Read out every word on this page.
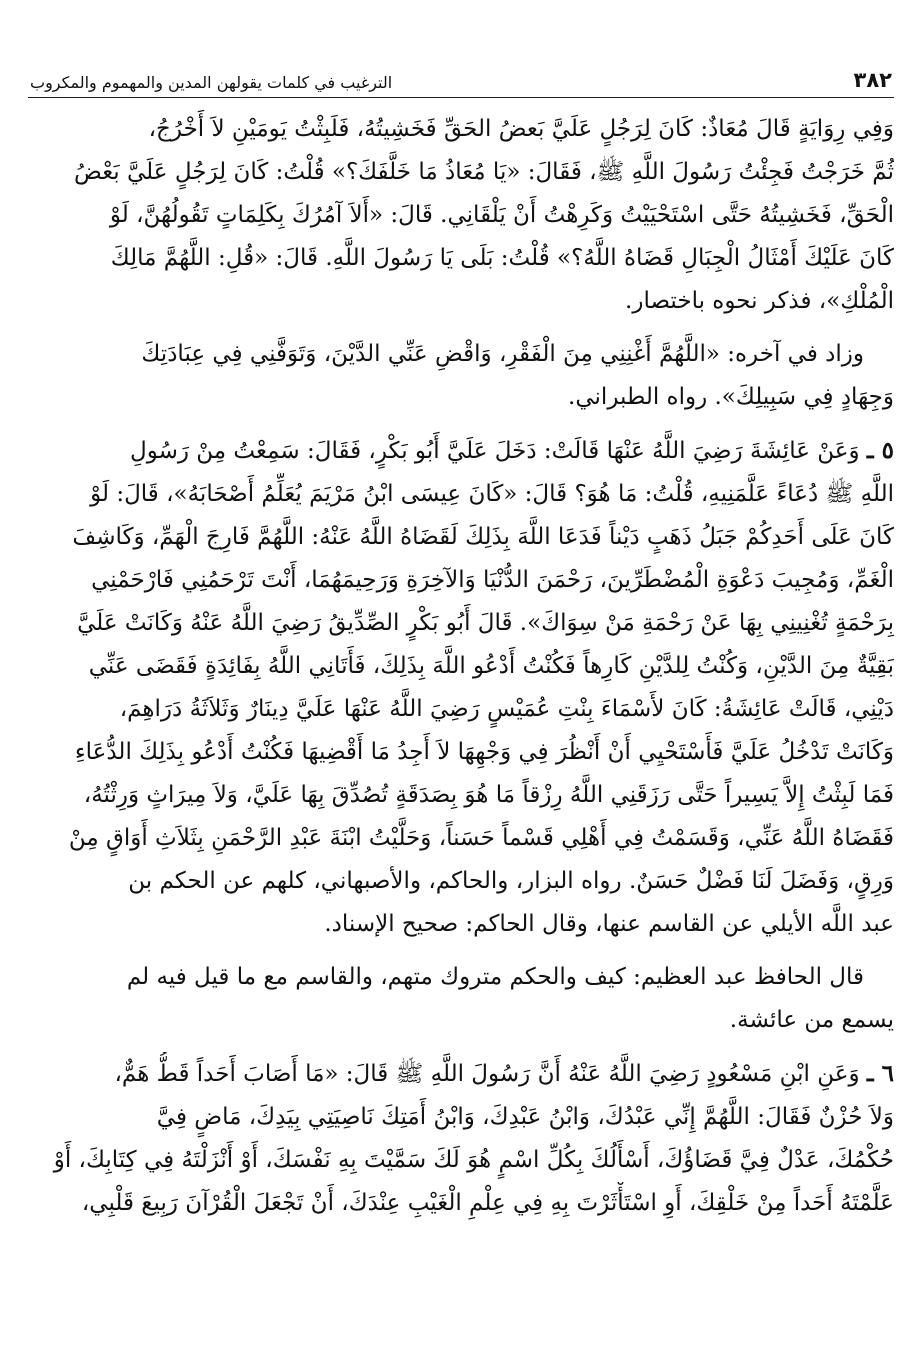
٣٨٢
الترغيب في كلمات يقولهن المدين والمهموم والمكروب

وَفِي رِوَايَةٍ قَالَ مُعَاذٌ: كَانَ لِرَجُلٍ عَلَيَّ بَعضُ الحَقِّ فَخَشِيتُهُ، فَلَبِثْتُ يَومَيْنِ لاَ أَخْرُجُ،
ثُمَّ خَرَجْتُ فَجِئْتُ رَسُولَ اللَّهِ ﷺ، فَقَالَ: «يَا مُعَاذُ مَا خَلَّفَكَ؟» قُلْتُ: كَانَ لِرَجُلٍ عَلَيَّ بَعْضُ
الْحَقِّ، فَخَشِيتُهُ حَتَّى اسْتَحْيَيْتُ وَكَرِهْتُ أَنْ يَلْقَانِي. قَالَ: «أَلاَ آمُرُكَ بِكَلِمَاتٍ تَقُولُهُنَّ، لَوْ
كَانَ عَلَيْكَ أَمْثَالُ الْجِبَالِ قَضَاهُ اللَّهُ؟» قُلْتُ: بَلَى يَا رَسُولَ اللَّهِ. قَالَ: «قُلِ: اللَّهُمَّ مَالِكَ
الْمُلْكِ»، فذكر نحوه باختصار.

وزاد في آخره: «اللَّهُمَّ أَغْنِنِي مِنَ الْفَقْرِ، وَاقْضِ عَنِّي الدَّيْنَ، وَتَوَفَّنِي فِي عِبَادَتِكَ
وَجِهَادٍ فِي سَبِيلِكَ». رواه الطبراني.

٥ ـ وَعَنْ عَائِشَةَ رَضِيَ اللَّهُ عَنْهَا قَالَتْ: دَخَلَ عَلَيَّ أَبُو بَكْرٍ، فَقَالَ: سَمِعْتُ مِنْ رَسُولِ
اللَّهِ ﷺ دُعَاءً عَلَّمَنِيهِ، قُلْتُ: مَا هُوَ؟ قَالَ: «كَانَ عِيسَى ابْنُ مَرْيَمَ يُعَلِّمُ أَصْحَابَهُ»، قَالَ: لَوْ
كَانَ عَلَى أَحَدِكُمْ جَبَلُ ذَهَبٍ دَيْناً فَدَعَا اللَّهَ بِذَلِكَ لَقَضَاهُ اللَّهُ عَنْهُ: اللَّهُمَّ فَارِجَ الْهَمِّ، وَكَاشِفَ
الْغَمِّ، وَمُجِيبَ دَعْوَةِ الْمُضْطَرِّينَ، رَحْمَنَ الدُّنْيَا وَالآخِرَةِ وَرَحِيمَهُمَا، أَنْتَ تَرْحَمُنِي فَارْحَمْنِي
بِرَحْمَةٍ تُغْنِينِي بِهَا عَنْ رَحْمَةِ مَنْ سِوَاكَ». قَالَ أَبُو بَكْرٍ الصِّدِّيقُ رَضِيَ اللَّهُ عَنْهُ وَكَانَتْ عَلَيَّ
بَقِيَّةٌ مِنَ الدَّيْنِ، وَكُنْتُ لِلدَّيْنِ كَارِهاً فَكُنْتُ أَدْعُو اللَّهَ بِذَلِكَ، فَأَتَانِي اللَّهُ بِفَائِدَةٍ فَقَضَى عَنِّي
دَيْنِي، قَالَتْ عَائِشَةُ: كَانَ لأَسْمَاءَ بِنْتِ عُمَيْسٍ رَضِيَ اللَّهُ عَنْهَا عَلَيَّ دِينَارٌ وَثَلاَثَةُ دَرَاهِمَ،
وَكَانَتْ تَدْخُلُ عَلَيَّ فَأَسْتَحْيِي أَنْ أَنْظُرَ فِي وَجْهِهَا لاَ أَجِدُ مَا أَقْضِيهَا فَكُنْتُ أَدْعُو بِذَلِكَ الدُّعَاءِ
فَمَا لَبِثْتُ إِلاَّ يَسِيراً حَتَّى رَزَقَنِي اللَّهُ رِزْقاً مَا هُوَ بِصَدَقَةٍ تُصُدِّقَ بِهَا عَلَيَّ، وَلاَ مِيرَاثٍ وَرِثْتُهُ،
فَقَضَاهُ اللَّهُ عَنِّي، وَقَسَمْتُ فِي أَهْلِي قَسْماً حَسَناً، وَحَلَّيْتُ ابْنَةَ عَبْدِ الرَّحْمَنِ بِثَلاَثِ أَوَاقٍ مِنْ
وَرِقٍ، وَفَضَلَ لَنَا فَضْلٌ حَسَنٌ. رواه البزار، والحاكم، والأصبهاني، كلهم عن الحكم بن
عبد اللَّه الأيلي عن القاسم عنها، وقال الحاكم: صحيح الإسناد.

قال الحافظ عبد العظيم: كيف والحكم متروك متهم، والقاسم مع ما قيل فيه لم
يسمع من عائشة.

٦ ـ وَعَنِ ابْنِ مَسْعُودٍ رَضِيَ اللَّهُ عَنْهُ أَنَّ رَسُولَ اللَّهِ ﷺ قَالَ: «مَا أَصَابَ أَحَداً قَطُّ هَمٌّ،
وَلاَ حُزْنٌ فَقَالَ: اللَّهُمَّ إِنِّي عَبْدُكَ، وَابْنُ عَبْدِكَ، وَابْنُ أَمَتِكَ نَاصِيَتِي بِيَدِكَ، مَاضٍ فِيَّ
حُكْمُكَ، عَدْلٌ فِيَّ قَضَاؤُكَ، أَسْأَلُكَ بِكُلِّ اسْمٍ هُوَ لَكَ سَمَّيْتَ بِهِ نَفْسَكَ، أَوْ أَنْزَلْتَهُ فِي كِتَابِكَ، أَوْ
عَلَّمْتَهُ أَحَداً مِنْ خَلْقِكَ، أَوِ اسْتَأْثَرْتَ بِهِ فِي عِلْمِ الْغَيْبِ عِنْدَكَ، أَنْ تَجْعَلَ الْقُرْآنَ رَبِيعَ قَلْبِي،
